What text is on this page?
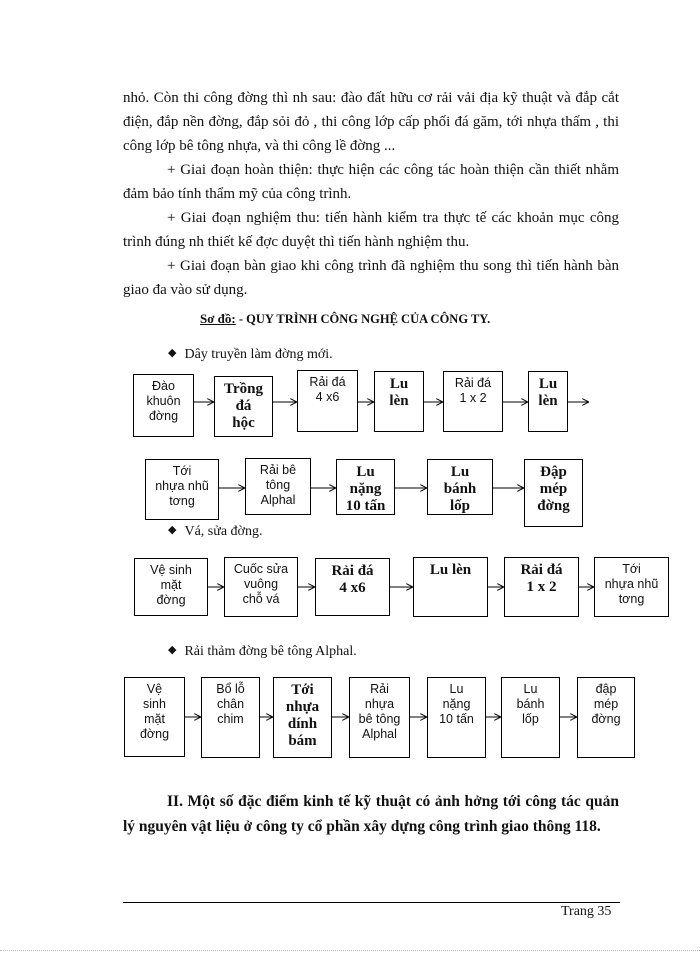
nhỏ. Còn thi công đờng thì nh sau: đào đất hữu cơ rải vải địa kỹ thuật và đắp cắt điện, đắp nền đờng, đắp sỏi đỏ , thi công lớp cấp phối đá găm, tới nhựa thấm , thi công lớp bê tông nhựa, và thi công lề đờng ...
+ Giai đoạn hoàn thiện: thực hiện các công tác hoàn thiện cần thiết nhằm đảm bảo tính thẩm mỹ của công trình.
+ Giai đoạn nghiệm thu: tiến hành kiểm tra thực tế các khoản mục công trình đúng nh thiết kế đợc duyệt thì tiến hành nghiệm thu.
+ Giai đoạn bàn giao khi công trình đã nghiệm thu song thì tiến hành bàn giao đa vào sử dụng.
Sơ đồ: - QUY TRÌNH CÔNG NGHỆ CỦA CÔNG TY.
◆ Dây truyền làm đờng mới.
Đào
khuôn
đờng
Trồng
đá
hộc
Rải đá
4 x6
Lu
lèn
Rải đá
1 x 2
Lu
lèn
Tới
nhựa nhũ
tơng
Rải bê
tông
Alphal
Lu
nặng
10 tấn
Lu
bánh
lốp
Đập
mép
đờng
◆ Vá, sửa đờng.
Vệ sinh
mặt
đờng
Cuốc sửa
vuông
chỗ vá
Rải đá
4 x6
Lu lèn	Rải đá
1 x 2
Tới
nhựa nhũ
tơng
◆ Rải thảm đờng bê tông Alphal.
Vệ
sinh
mặt
đờng
Bổ lỗ
chân
chim
Tới
nhựa
dính
bám
Rải
nhựa
bê tông
Alphal
Lu
nặng
10 tấn
Lu
bánh
lốp
đập
mép
đờng
II. Một số đặc điểm kinh tế kỹ thuật có ảnh hởng tới công tác quản lý nguyên vật liệu ở công ty cổ phần xây dựng công trình giao thông 118.
Trang 35
